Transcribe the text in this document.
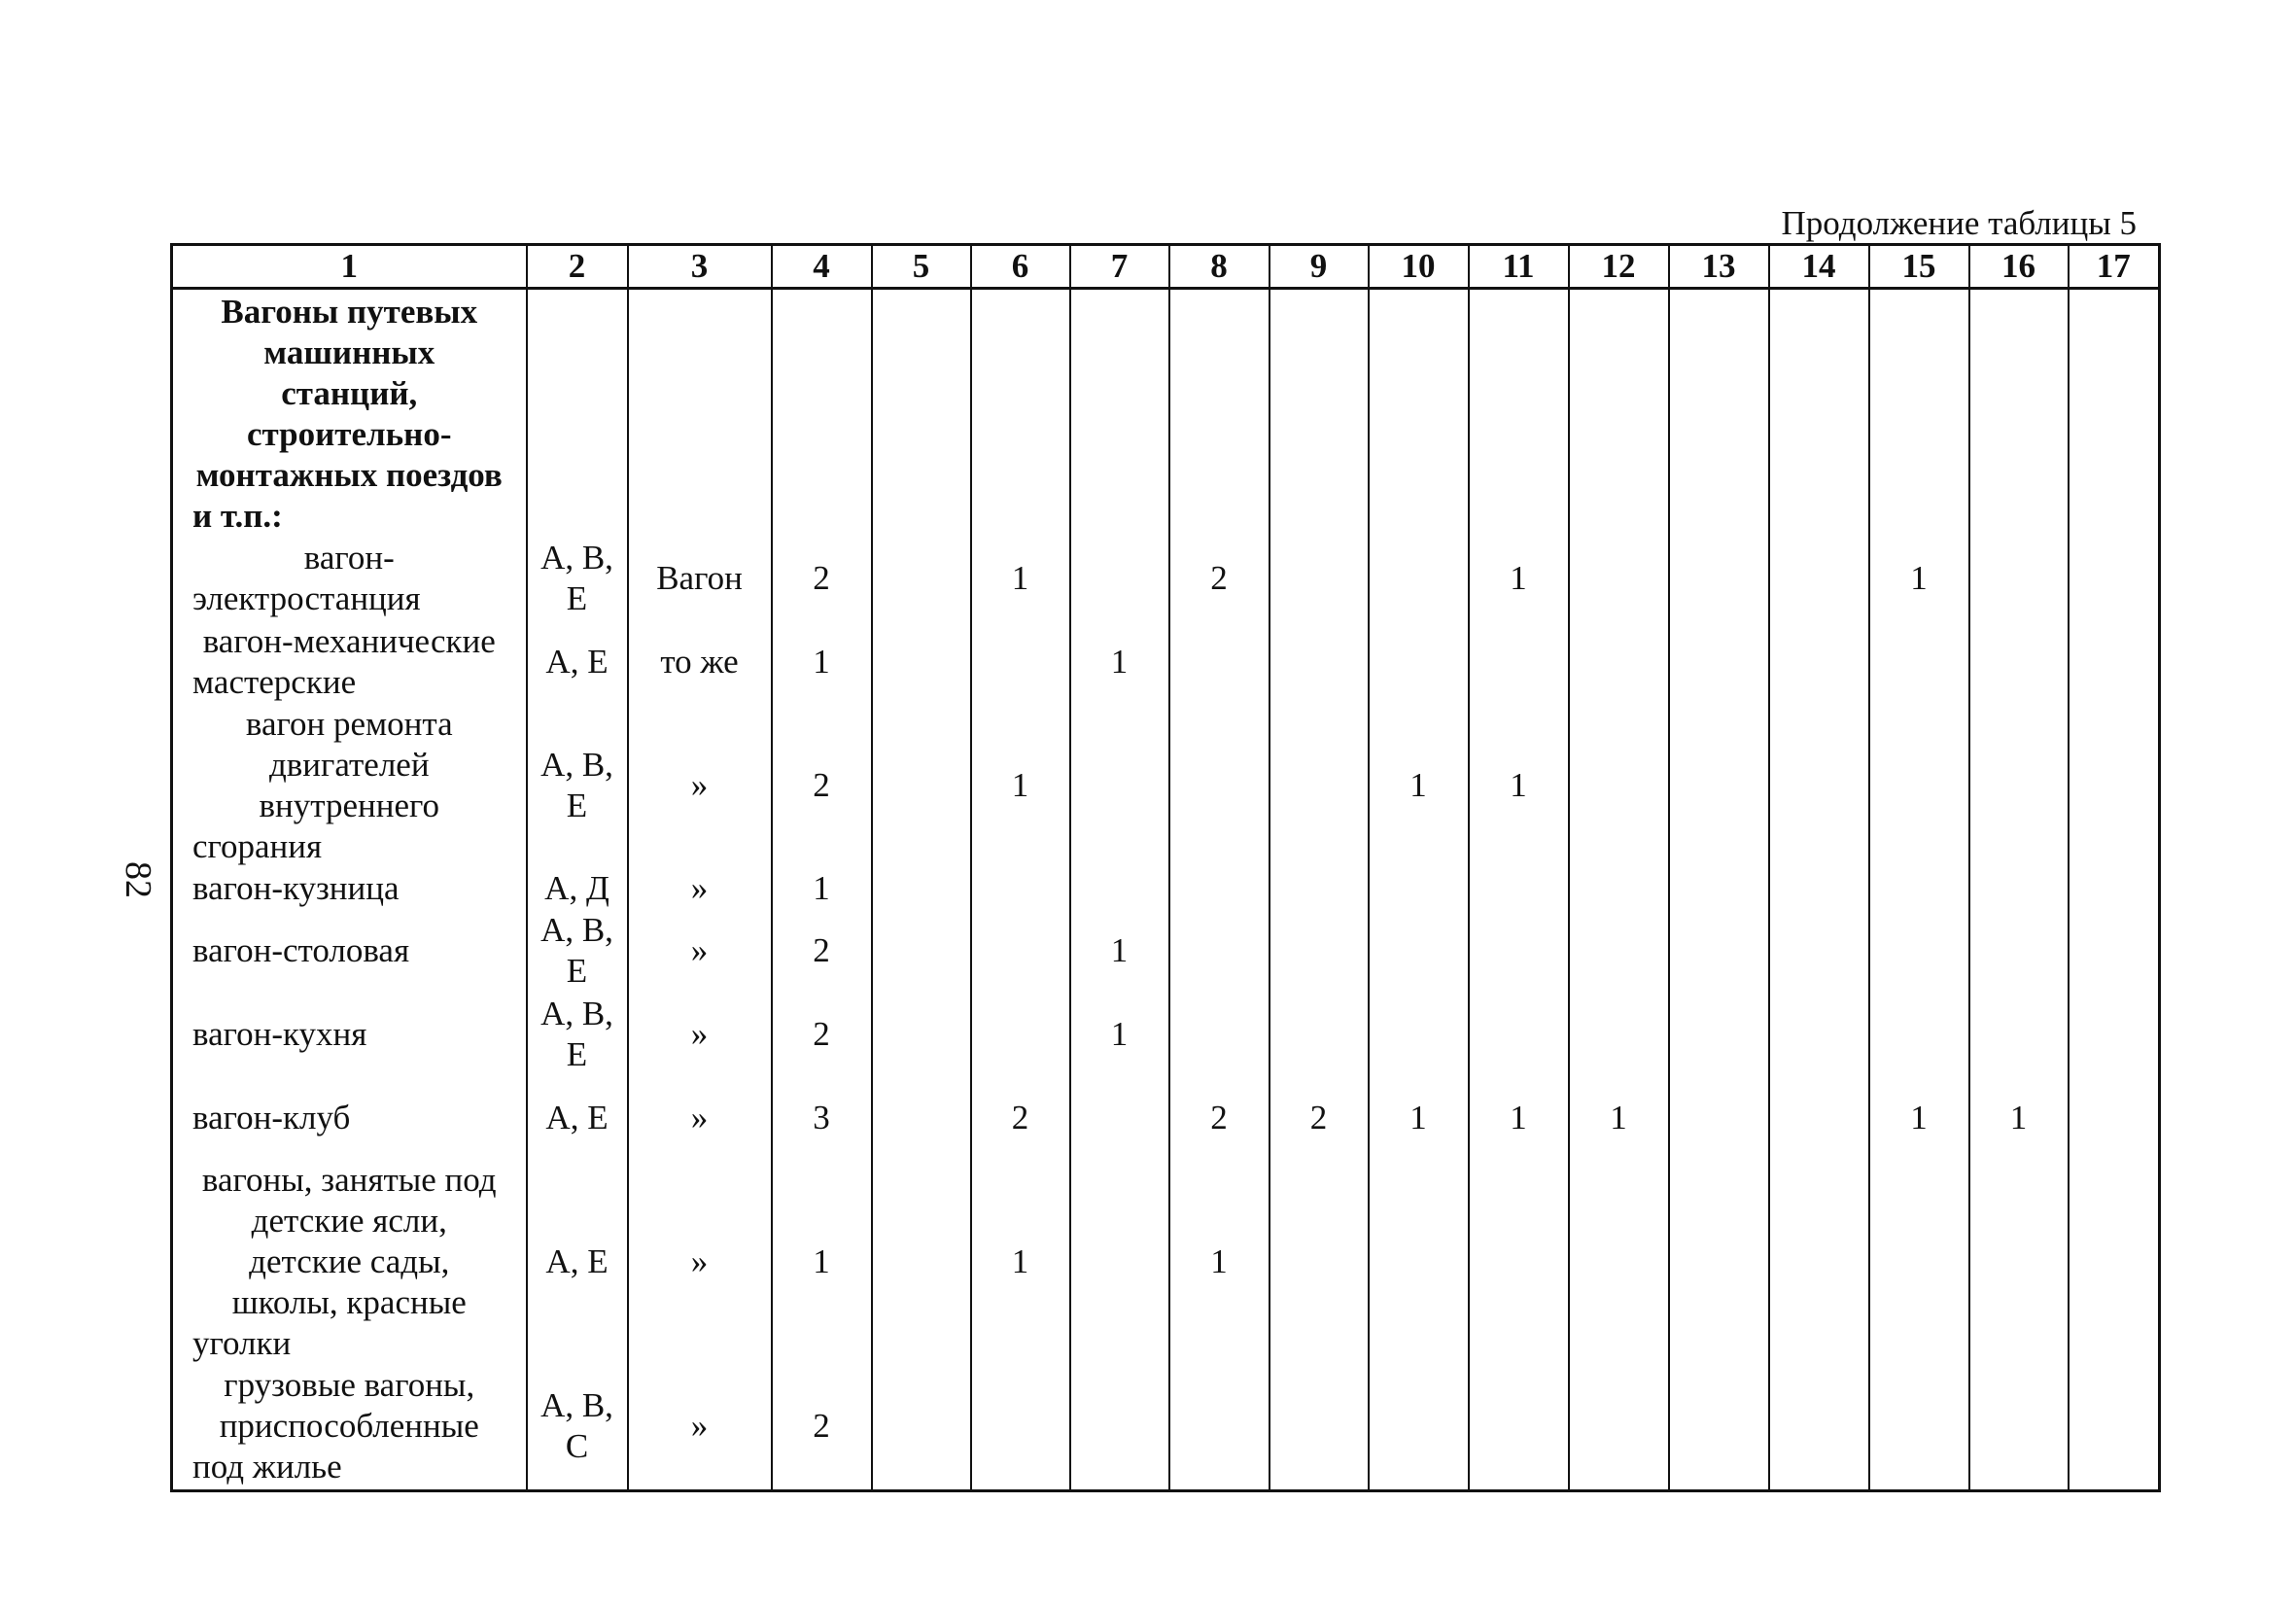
82
Продолжение таблицы 5
1	2	3	4	5	6	7	8	9	10	11	12	13	14	15	16	17
Вагоны путевых машинных станций, строительно-монтажных поездов и т.п.:																
вагон-электростанция	А, В, Е	Вагон	2		1		2			1				1		
вагон-механические мастерские	А, Е	то же	1			1										
вагон ремонта двигателей внутреннего сгорания	А, В, Е	»	2		1				1	1						
вагон-кузница	А, Д	»	1													
вагон-столовая	А, В, Е	»	2			1										
вагон-кухня	А, В, Е	»	2			1										
вагон-клуб	А, Е	»	3		2		2	2	1	1	1			1	1	
вагоны, занятые под детские ясли, детские сады, школы, красные уголки	А, Е	»	1		1		1									
грузовые вагоны, приспособленные под жилье	А, В, С	»	2													
